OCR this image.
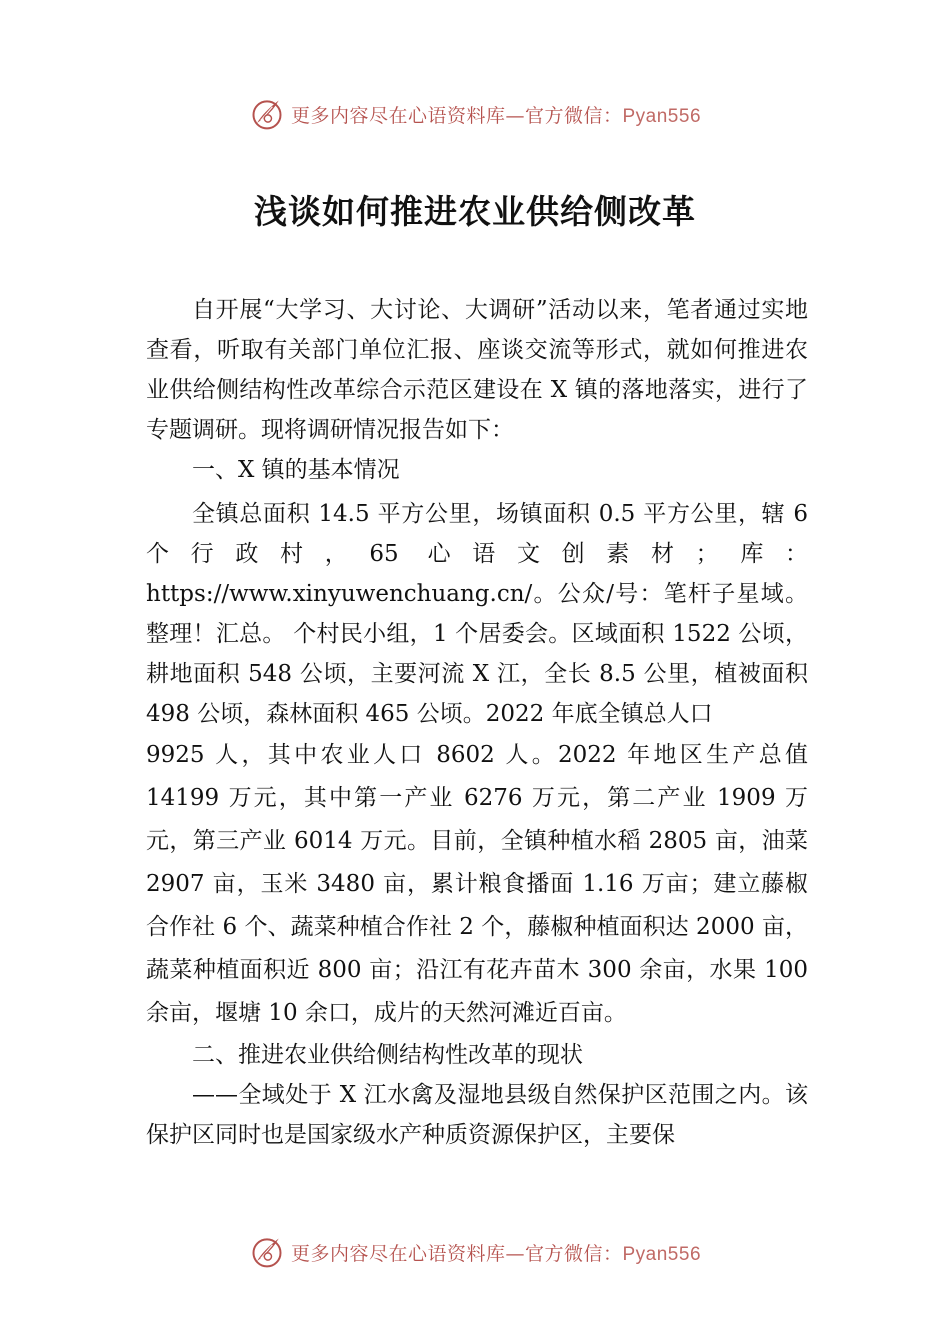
更多内容尽在心语资料库—官方微信：Pyan556
浅谈如何推进农业供给侧改革

自开展“大学习、大讨论、大调研”活动以来，笔者通过实地查看，听取有关部门单位汇报、座谈交流等形式，就如何推进农业供给侧结构性改革综合示范区建设在 X 镇的落地落实，进行了专题调研。现将调研情况报告如下：

一、X 镇的基本情况

全镇总面积 14.5 平方公里，场镇面积 0.5 平方公里，辖 6 个行政村，65 心语文创素材；库：https://www.xinyuwenchuang.cn/。公众/号：笔杆子星域。整理！汇总。 个村民小组，1 个居委会。区域面积 1522 公顷，耕地面积 548 公顷，主要河流 X 江，全长 8.5 公里，植被面积 498 公顷，森林面积 465 公顷。2022 年底全镇总人口

9925 人，其中农业人口 8602 人。2022 年地区生产总值 14199 万元，其中第一产业 6276 万元，第二产业 1909 万元，第三产业 6014 万元。目前，全镇种植水稻 2805 亩，油菜 2907 亩，玉米 3480 亩，累计粮食播面 1.16 万亩；建立藤椒合作社 6 个、蔬菜种植合作社 2 个，藤椒种植面积达 2000 亩，蔬菜种植面积近 800 亩；沿江有花卉苗木 300 余亩，水果 100 余亩，堰塘 10 余口，成片的天然河滩近百亩。

二、推进农业供给侧结构性改革的现状

——全域处于 X 江水禽及湿地县级自然保护区范围之内。该保护区同时也是国家级水产种质资源保护区，主要保

更多内容尽在心语资料库—官方微信：Pyan556
